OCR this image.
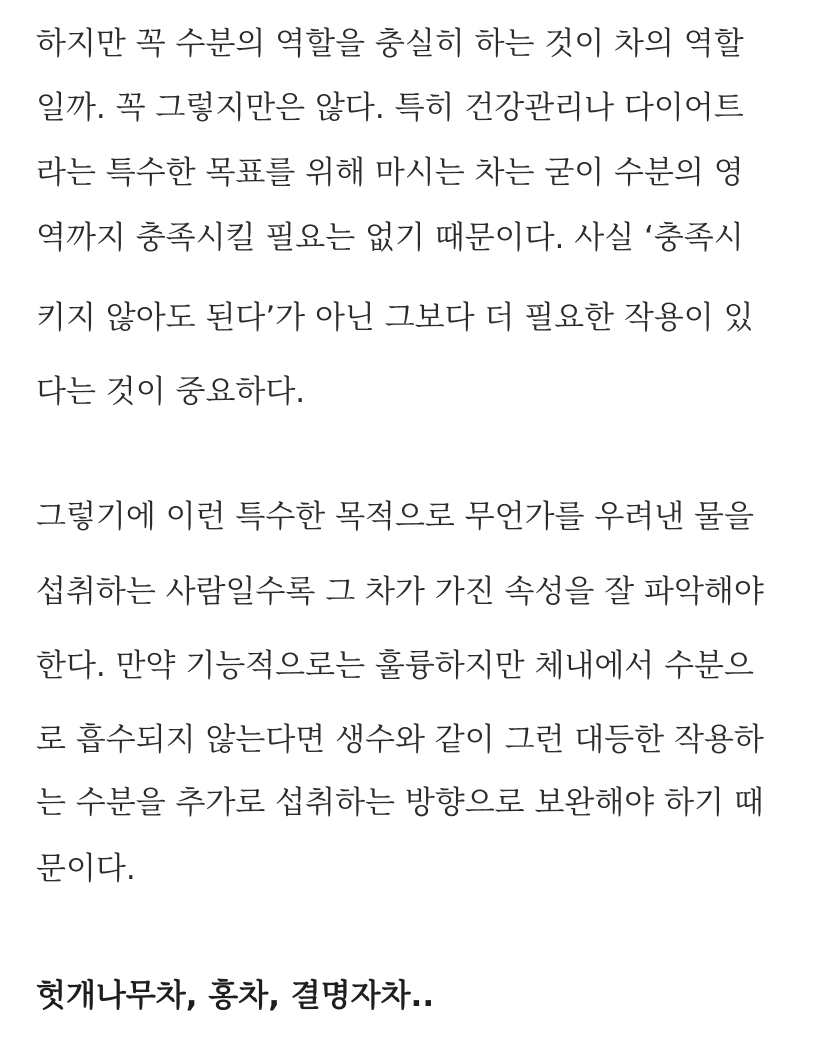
하지만 꼭 수분의 역할을 충실히 하는 것이 차의 역할
일까. 꼭 그렇지만은 않다. 특히 건강관리나 다이어트
라는 특수한 목표를 위해 마시는 차는 굳이 수분의 영
역까지 충족시킬 필요는 없기 때문이다. 사실 ‘충족시
키지 않아도 된다’가 아닌 그보다 더 필요한 작용이 있
다는 것이 중요하다.
그렇기에 이런 특수한 목적으로 무언가를 우려낸 물을
섭취하는 사람일수록 그 차가 가진 속성을 잘 파악해야
한다. 만약 기능적으로는 훌륭하지만 체내에서 수분으
로 흡수되지 않는다면 생수와 같이 그런 대등한 작용하
는 수분을 추가로 섭취하는 방향으로 보완해야 하기 때
문이다.
헛개나무차, 홍차, 결명자차..
